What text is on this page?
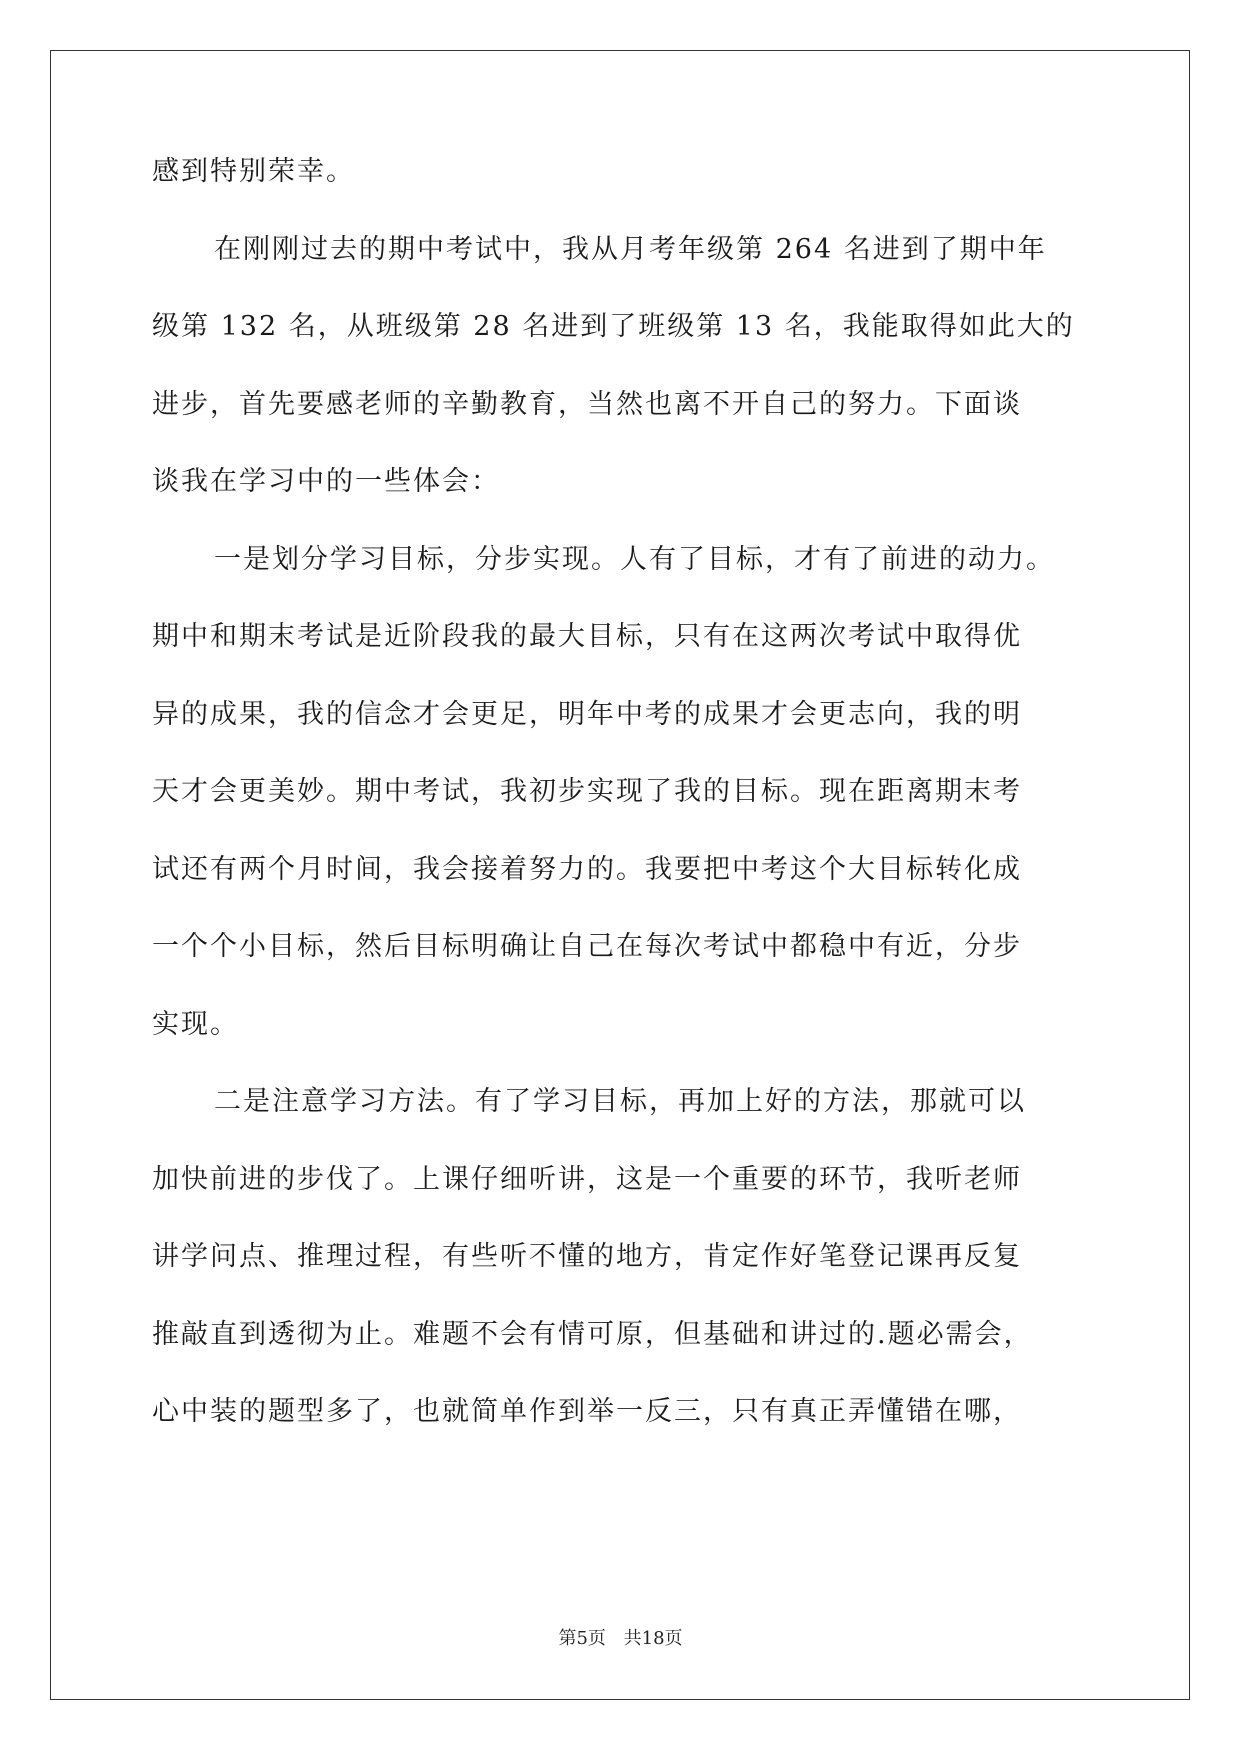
感到特别荣幸。
在刚刚过去的期中考试中，我从月考年级第 264 名进到了期中年
级第 132 名，从班级第 28 名进到了班级第 13 名，我能取得如此大的
进步，首先要感老师的辛勤教育，当然也离不开自己的努力。下面谈
谈我在学习中的一些体会：
一是划分学习目标，分步实现。人有了目标，才有了前进的动力。
期中和期末考试是近阶段我的最大目标，只有在这两次考试中取得优
异的成果，我的信念才会更足，明年中考的成果才会更志向，我的明
天才会更美妙。期中考试，我初步实现了我的目标。现在距离期末考
试还有两个月时间，我会接着努力的。我要把中考这个大目标转化成
一个个小目标，然后目标明确让自己在每次考试中都稳中有近，分步
实现。
二是注意学习方法。有了学习目标，再加上好的方法，那就可以
加快前进的步伐了。上课仔细听讲，这是一个重要的环节，我听老师
讲学问点、推理过程，有些听不懂的地方，肯定作好笔登记课再反复
推敲直到透彻为止。难题不会有情可原，但基础和讲过的.题必需会，
心中装的题型多了，也就简单作到举一反三，只有真正弄懂错在哪，
第5页 共18页
